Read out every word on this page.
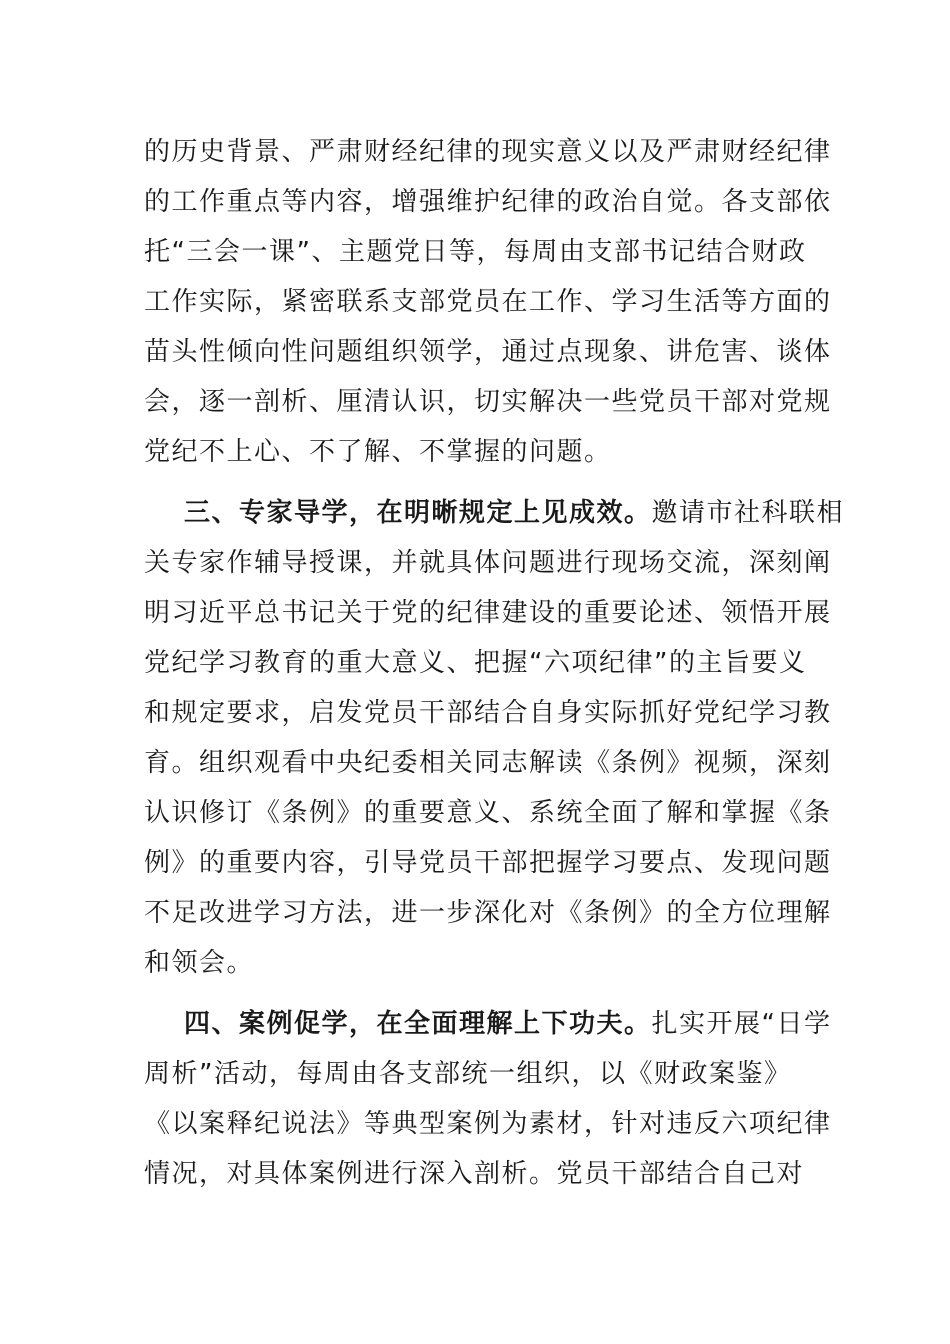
的历史背景、严肃财经纪律的现实意义以及严肃财经纪律
的工作重点等内容，增强维护纪律的政治自觉。各支部依
托“三会一课”、主题党日等，每周由支部书记结合财政
工作实际，紧密联系支部党员在工作、学习生活等方面的
苗头性倾向性问题组织领学，通过点现象、讲危害、谈体
会，逐一剖析、厘清认识，切实解决一些党员干部对党规
党纪不上心、不了解、不掌握的问题。
三、专家导学，在明晰规定上见成效。邀请市社科联相
关专家作辅导授课，并就具体问题进行现场交流，深刻阐
明习近平总书记关于党的纪律建设的重要论述、领悟开展
党纪学习教育的重大意义、把握“六项纪律”的主旨要义
和规定要求，启发党员干部结合自身实际抓好党纪学习教
育。组织观看中央纪委相关同志解读《条例》视频，深刻
认识修订《条例》的重要意义、系统全面了解和掌握《条
例》的重要内容，引导党员干部把握学习要点、发现问题
不足改进学习方法，进一步深化对《条例》的全方位理解
和领会。
四、案例促学，在全面理解上下功夫。扎实开展“日学
周析”活动，每周由各支部统一组织，以《财政案鉴》
《以案释纪说法》等典型案例为素材，针对违反六项纪律
情况，对具体案例进行深入剖析。党员干部结合自己对
